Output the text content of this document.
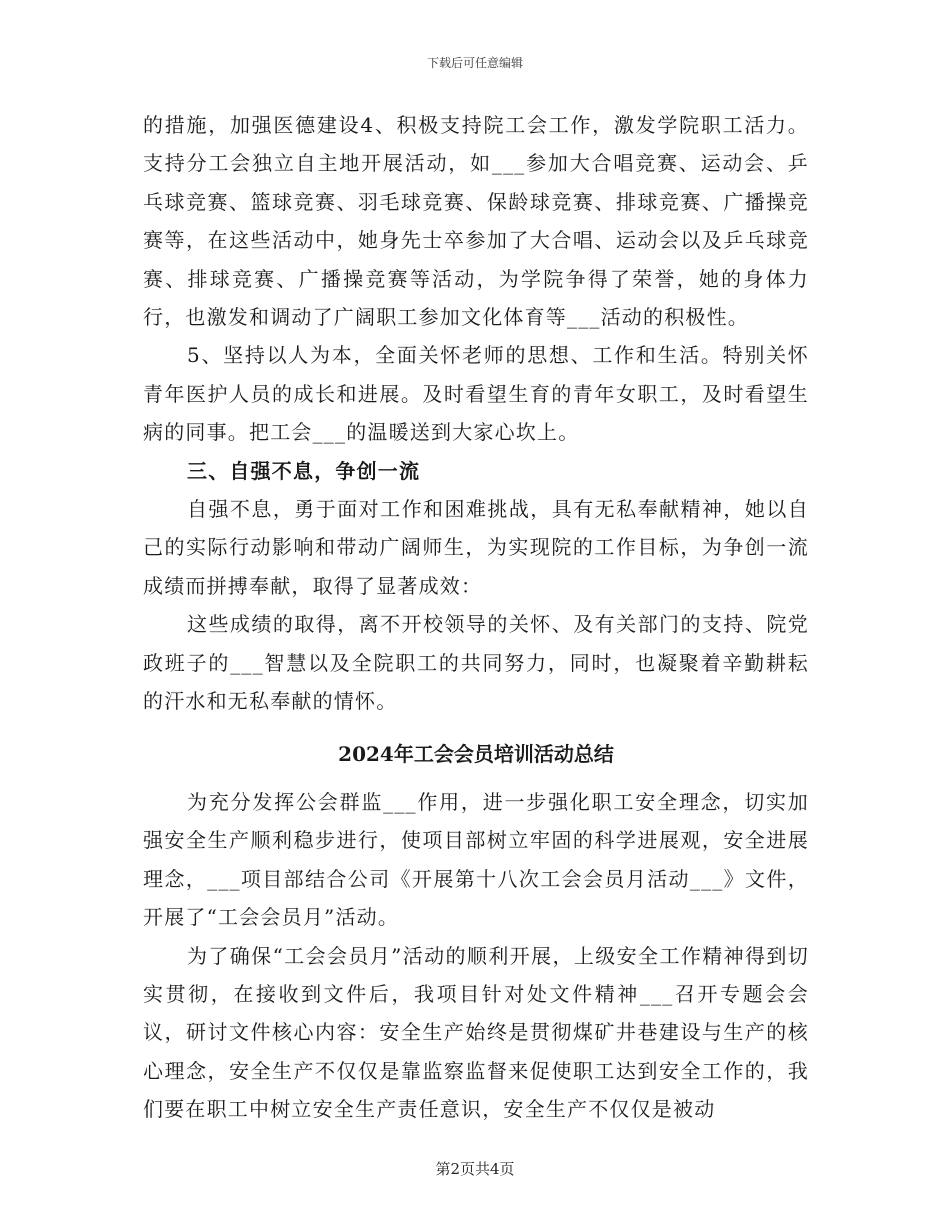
下载后可任意编辑

的措施，加强医德建设4、积极支持院工会工作，激发学院职工活力。支持分工会独立自主地开展活动，如___参加大合唱竞赛、运动会、乒乓球竞赛、篮球竞赛、羽毛球竞赛、保龄球竞赛、排球竞赛、广播操竞赛等，在这些活动中，她身先士卒参加了大合唱、运动会以及乒乓球竞赛、排球竞赛、广播操竞赛等活动，为学院争得了荣誉，她的身体力行，也激发和调动了广阔职工参加文化体育等___活动的积极性。

5、坚持以人为本，全面关怀老师的思想、工作和生活。特别关怀青年医护人员的成长和进展。及时看望生育的青年女职工，及时看望生病的同事。把工会___的温暖送到大家心坎上。

三、自强不息，争创一流

自强不息，勇于面对工作和困难挑战，具有无私奉献精神，她以自己的实际行动影响和带动广阔师生，为实现院的工作目标，为争创一流成绩而拼搏奉献，取得了显著成效：

这些成绩的取得，离不开校领导的关怀、及有关部门的支持、院党政班子的___智慧以及全院职工的共同努力，同时，也凝聚着辛勤耕耘的汗水和无私奉献的情怀。

2024年工会会员培训活动总结

为充分发挥公会群监___作用，进一步强化职工安全理念，切实加强安全生产顺利稳步进行，使项目部树立牢固的科学进展观，安全进展理念，___项目部结合公司《开展第十八次工会会员月活动___》文件，开展了“工会会员月”活动。

为了确保“工会会员月”活动的顺利开展，上级安全工作精神得到切实贯彻，在接收到文件后，我项目针对处文件精神___召开专题会会议，研讨文件核心内容：安全生产始终是贯彻煤矿井巷建设与生产的核心理念，安全生产不仅仅是靠监察监督来促使职工达到安全工作的，我们要在职工中树立安全生产责任意识，安全生产不仅仅是被动

第2页共4页
